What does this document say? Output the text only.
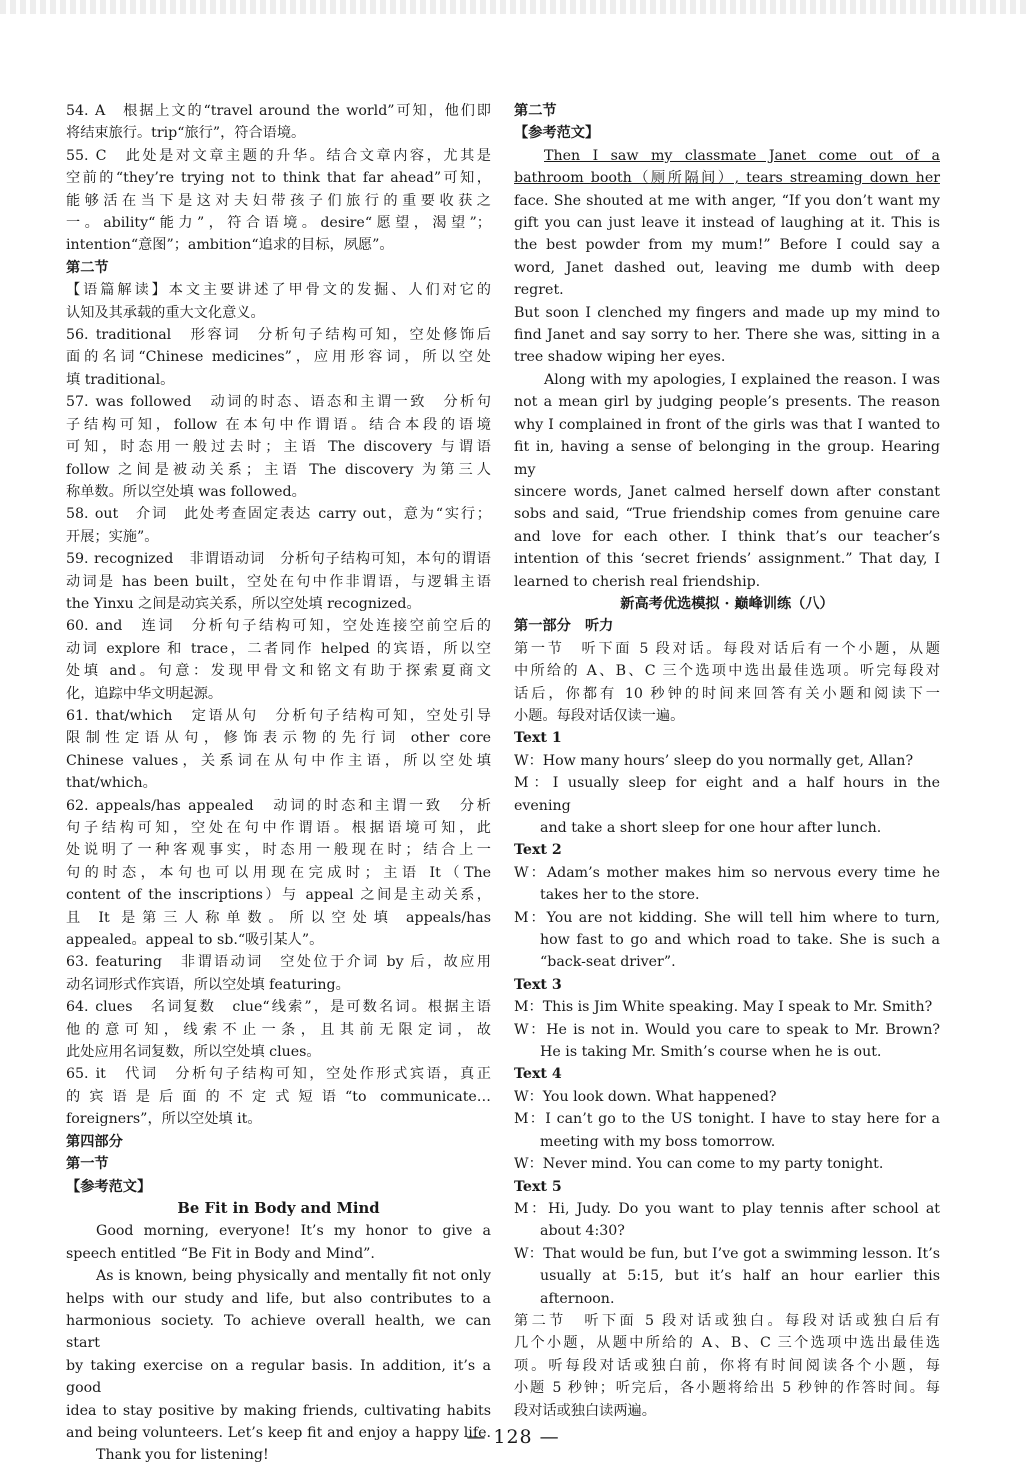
54. A　根据上文的“travel around the world”可知，他们即
将结束旅行。trip“旅行”，符合语境。
55. C　此处是对文章主题的升华。结合文章内容，尤其是
空前的“they’re trying not to think that far ahead”可知，
能够活在当下是这对夫妇带孩子们旅行的重要收获之
一。ability“能力”，符合语境。desire“愿望，渴望”；
intention“意图”；ambition“追求的目标，夙愿”。
第二节
【语篇解读】本文主要讲述了甲骨文的发掘、人们对它的
认知及其承载的重大文化意义。
56. traditional　形容词　分析句子结构可知，空处修饰后
面的名词“Chinese medicines”，应用形容词，所以空处
填 traditional。
57. was followed　动词的时态、语态和主谓一致　分析句
子结构可知，follow 在本句中作谓语。结合本段的语境
可知，时态用一般过去时；主语 The discovery 与谓语
follow 之间是被动关系；主语 The discovery 为第三人
称单数。所以空处填 was followed。
58. out　介词　此处考查固定表达 carry out，意为“实行；
开展；实施”。
59. recognized　非谓语动词　分析句子结构可知，本句的谓语
动词是 has been built，空处在句中作非谓语，与逻辑主语
the Yinxu 之间是动宾关系，所以空处填 recognized。
60. and　连词　分析句子结构可知，空处连接空前空后的
动词 explore 和 trace，二者同作 helped 的宾语，所以空
处填 and。句意：发现甲骨文和铭文有助于探索夏商文
化，追踪中华文明起源。
61. that/which　定语从句　分析句子结构可知，空处引导
限制性定语从句，修饰表示物的先行词 other core
Chinese values，关系词在从句中作主语，所以空处填
that/which。
62. appeals/has appealed　动词的时态和主谓一致　分析
句子结构可知，空处在句中作谓语。根据语境可知，此
处说明了一种客观事实，时态用一般现在时；结合上一
句的时态，本句也可以用现在完成时；主语 It（The
content of the inscriptions）与 appeal 之间是主动关系，
且 It 是第三人称单数。所以空处填 appeals/has
appealed。appeal to sb.“吸引某人”。
63. featuring　非谓语动词　空处位于介词 by 后，故应用
动名词形式作宾语，所以空处填 featuring。
64. clues　名词复数　clue“线索”，是可数名词。根据主语
他的意可知，线索不止一条，且其前无限定词，故
此处应用名词复数，所以空处填 clues。
65. it　代词　分析句子结构可知，空处作形式宾语，真正
的宾语是后面的不定式短语“to communicate…
foreigners”，所以空处填 it。
第四部分
第一节
【参考范文】
Be Fit in Body and Mind
Good morning, everyone! It’s my honor to give a
speech entitled “Be Fit in Body and Mind”.
As is known, being physically and mentally fit not only
helps with our study and life, but also contributes to a
harmonious society. To achieve overall health, we can start
by taking exercise on a regular basis. In addition, it’s a good
idea to stay positive by making friends, cultivating habits
and being volunteers. Let’s keep fit and enjoy a happy life.
Thank you for listening!
第二节
【参考范文】
Then I saw my classmate Janet come out of a
bathroom booth（厕所隔间）, tears streaming down her
face. She shouted at me with anger, “If you don’t want my
gift you can just leave it instead of laughing at it. This is
the best powder from my mum!” Before I could say a
word, Janet dashed out, leaving me dumb with deep regret.
But soon I clenched my fingers and made up my mind to
find Janet and say sorry to her. There she was, sitting in a
tree shadow wiping her eyes.
Along with my apologies, I explained the reason. I was
not a mean girl by judging people’s presents. The reason
why I complained in front of the girls was that I wanted to
fit in, having a sense of belonging in the group. Hearing my
sincere words, Janet calmed herself down after constant
sobs and said, “True friendship comes from genuine care
and love for each other. I think that’s our teacher’s
intention of this ‘secret friends’ assignment.” That day, I
learned to cherish real friendship.
新高考优选模拟 · 巅峰训练（八）
第一部分　听力
第一节　听下面 5 段对话。每段对话后有一个小题，从题
中所给的 A、B、C 三个选项中选出最佳选项。听完每段对
话后，你都有 10 秒钟的时间来回答有关小题和阅读下一
小题。每段对话仅读一遍。
Text 1
W：How many hours’ sleep do you normally get, Allan?
M：I usually sleep for eight and a half hours in the evening
and take a short sleep for one hour after lunch.
Text 2
W：Adam’s mother makes him so nervous every time he
takes her to the store.
M：You are not kidding. She will tell him where to turn,
how fast to go and which road to take. She is such a
“back-seat driver”.
Text 3
M：This is Jim White speaking. May I speak to Mr. Smith?
W：He is not in. Would you care to speak to Mr. Brown?
He is taking Mr. Smith’s course when he is out.
Text 4
W：You look down. What happened?
M：I can’t go to the US tonight. I have to stay here for a
meeting with my boss tomorrow.
W：Never mind. You can come to my party tonight.
Text 5
M：Hi, Judy. Do you want to play tennis after school at
about 4:30?
W：That would be fun, but I’ve got a swimming lesson. It’s
usually at 5:15, but it’s half an hour earlier this
afternoon.
第二节　听下面 5 段对话或独白。每段对话或独白后有
几个小题，从题中所给的 A、B、C 三个选项中选出最佳选
项。听每段对话或独白前，你将有时间阅读各个小题，每
小题 5 秒钟；听完后，各小题将给出 5 秒钟的作答时间。每
段对话或独白读两遍。
— 128 —
